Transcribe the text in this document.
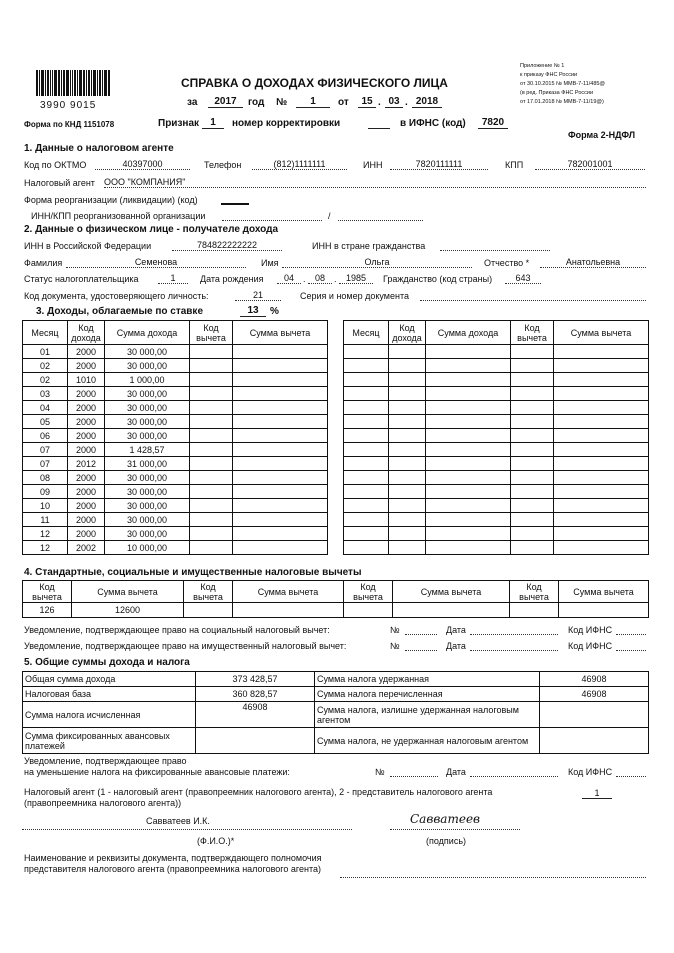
3990 9015
Форма по КНД 1151078
СПРАВКА О ДОХОДАХ ФИЗИЧЕСКОГО ЛИЦА
за	2017	год №	1	от	15 . 03 . 2018
Признак	1	номер корректировки	в ИФНС (код)	7820
Приложение № 1
к приказу ФНС России
от 30.10.2015 № ММВ-7-11/485@
(в ред. Приказа ФНС России
от 17.01.2018 № ММВ-7-11/19@)
Форма 2-НДФЛ
1. Данные о налоговом агенте
Код по ОКТМО	40397000	Телефон	(812)1111111	ИНН	7820111111	КПП	782001001
Налоговый агент ООО "КОМПАНИЯ"
Форма реорганизации (ликвидации) (код)
ИНН/КПП реорганизованной организации	/
2. Данные о физическом лице - получателе дохода
ИНН в Российской Федерации	784822222222	ИНН в стране гражданства
Фамилия	Семенова	Имя	Ольга	Отчество *	Анатольевна
Статус налогоплательщика	1	Дата рождения	04	.	08	.	1985	Гражданство (код страны)	643
Код документа, удостоверяющего личность:	21	Серия и номер документа
3. Доходы, облагаемые по ставке	13	%
Месяц	Код дохода	Сумма дохода	Код вычета	Сумма вычета
01	2000	30 000,00		
02	2000	30 000,00		
02	1010	1 000,00		
03	2000	30 000,00		
04	2000	30 000,00		
05	2000	30 000,00		
06	2000	30 000,00		
07	2000	1 428,57		
07	2012	31 000,00		
08	2000	30 000,00		
09	2000	30 000,00		
10	2000	30 000,00		
11	2000	30 000,00		
12	2000	30 000,00		
12	2002	10 000,00		
Месяц	Код дохода	Сумма дохода	Код вычета	Сумма вычета

4. Стандартные, социальные и имущественные налоговые вычеты
Код вычета	Сумма вычета	Код вычета	Сумма вычета	Код вычета	Сумма вычета	Код вычета	Сумма вычета
126	12600						
Уведомление, подтверждающее право на социальный налоговый вычет:	№	Дата	Код ИФНС
Уведомление, подтверждающее право на имущественный налоговый вычет:	№	Дата	Код ИФНС
5. Общие суммы дохода и налога
Общая сумма дохода	373 428,57	Сумма налога удержанная	46908
Налоговая база	360 828,57	Сумма налога перечисленная	46908
Сумма налога исчисленная	46908	Сумма налога, излишне удержанная налоговым агентом	
Сумма фиксированных авансовых платежей		Сумма налога, не удержанная налоговым агентом	
Уведомление, подтверждающее право
на уменьшение налога на фиксированные авансовые платежи:	№	Дата	Код ИФНС
Налоговый агент (1 - налоговый агент (правопреемник налогового агента), 2 - представитель налогового агента
(правопреемника налогового агента))
1
Савватеев И.К.
(Ф.И.О.)*
Савватеев
(подпись)
Наименование и реквизиты документа, подтверждающего полномочия
представителя налогового агента (правопреемника налогового агента)
